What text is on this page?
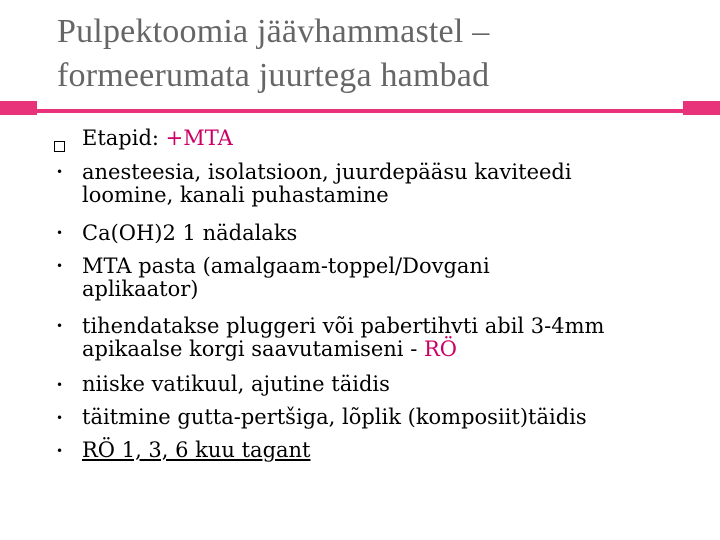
Pulpektoomia jäävhammastel –
formeerumata juurtega hambad
Etapid: +MTA
• anesteesia, isolatsioon, juurdepääsu kaviteedi
loomine, kanali puhastamine
• Ca(OH)2 1 nädalaks
• MTA pasta (amalgaam-toppel/Dovgani
aplikaator)
• tihendatakse pluggeri või pabertihvti abil 3-4mm
apikaalse korgi saavutamiseni - RÖ
• niiske vatikuul, ajutine täidis
• täitmine gutta-pertšiga, lõplik (komposiit)täidis
• RÖ 1, 3, 6 kuu tagant
